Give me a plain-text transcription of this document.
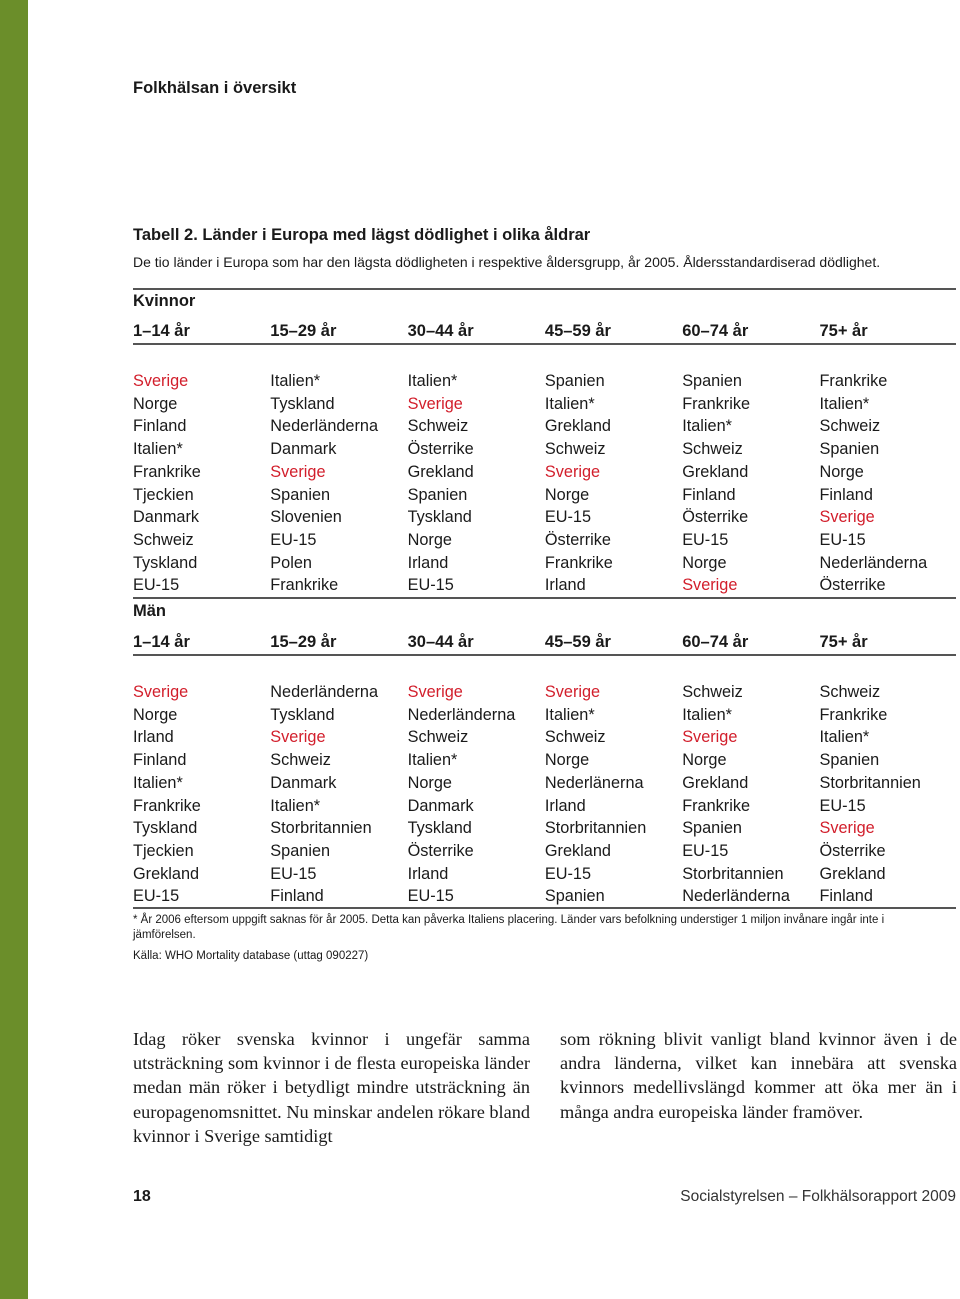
Folkhälsan i översikt
Tabell 2. Länder i Europa med lägst dödlighet i olika åldrar
De tio länder i Europa som har den lägsta dödligheten i respektive åldersgrupp, år 2005. Åldersstandardiserad dödlighet.
Kvinnor
1–14 år	15–29 år	30–44 år	45–59 år	60–74 år	75+ år
Sverige	Italien*	Italien*	Spanien	Spanien	Frankrike
Norge	Tyskland	Sverige	Italien*	Frankrike	Italien*
Finland	Nederländerna	Schweiz	Grekland	Italien*	Schweiz
Italien*	Danmark	Österrike	Schweiz	Schweiz	Spanien
Frankrike	Sverige	Grekland	Sverige	Grekland	Norge
Tjeckien	Spanien	Spanien	Norge	Finland	Finland
Danmark	Slovenien	Tyskland	EU-15	Österrike	Sverige
Schweiz	EU-15	Norge	Österrike	EU-15	EU-15
Tyskland	Polen	Irland	Frankrike	Norge	Nederländerna
EU-15	Frankrike	EU-15	Irland	Sverige	Österrike
Män
1–14 år	15–29 år	30–44 år	45–59 år	60–74 år	75+ år
Sverige	Nederländerna	Sverige	Sverige	Schweiz	Schweiz
Norge	Tyskland	Nederländerna	Italien*	Italien*	Frankrike
Irland	Sverige	Schweiz	Schweiz	Sverige	Italien*
Finland	Schweiz	Italien*	Norge	Norge	Spanien
Italien*	Danmark	Norge	Nederlänerna	Grekland	Storbritannien
Frankrike	Italien*	Danmark	Irland	Frankrike	EU-15
Tyskland	Storbritannien	Tyskland	Storbritannien	Spanien	Sverige
Tjeckien	Spanien	Österrike	Grekland	EU-15	Österrike
Grekland	EU-15	Irland	EU-15	Storbritannien	Grekland
EU-15	Finland	EU-15	Spanien	Nederländerna	Finland
* År 2006 eftersom uppgift saknas för år 2005. Detta kan påverka Italiens placering. Länder vars befolkning understiger 1 miljon invånare ingår inte i jämförelsen.
Källa: WHO Mortality database (uttag 090227)
Idag röker svenska kvinnor i ungefär samma utsträckning som kvinnor i de flesta europeiska länder medan män röker i betydligt mindre utsträckning än europagenomsnittet. Nu minskar andelen rökare bland kvinnor i Sverige samtidigt
som rökning blivit vanligt bland kvinnor även i de andra länderna, vilket kan innebära att svenska kvinnors medellivslängd kommer att öka mer än i många andra europeiska länder framöver.
18	Socialstyrelsen – Folkhälsorapport 2009
